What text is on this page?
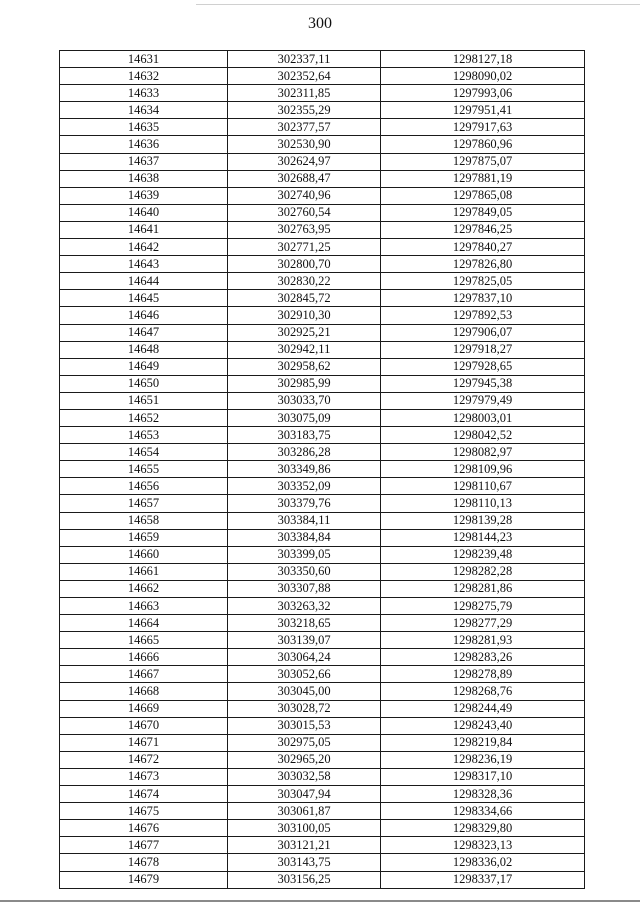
300
14631	302337,11	1298127,18
14632	302352,64	1298090,02
14633	302311,85	1297993,06
14634	302355,29	1297951,41
14635	302377,57	1297917,63
14636	302530,90	1297860,96
14637	302624,97	1297875,07
14638	302688,47	1297881,19
14639	302740,96	1297865,08
14640	302760,54	1297849,05
14641	302763,95	1297846,25
14642	302771,25	1297840,27
14643	302800,70	1297826,80
14644	302830,22	1297825,05
14645	302845,72	1297837,10
14646	302910,30	1297892,53
14647	302925,21	1297906,07
14648	302942,11	1297918,27
14649	302958,62	1297928,65
14650	302985,99	1297945,38
14651	303033,70	1297979,49
14652	303075,09	1298003,01
14653	303183,75	1298042,52
14654	303286,28	1298082,97
14655	303349,86	1298109,96
14656	303352,09	1298110,67
14657	303379,76	1298110,13
14658	303384,11	1298139,28
14659	303384,84	1298144,23
14660	303399,05	1298239,48
14661	303350,60	1298282,28
14662	303307,88	1298281,86
14663	303263,32	1298275,79
14664	303218,65	1298277,29
14665	303139,07	1298281,93
14666	303064,24	1298283,26
14667	303052,66	1298278,89
14668	303045,00	1298268,76
14669	303028,72	1298244,49
14670	303015,53	1298243,40
14671	302975,05	1298219,84
14672	302965,20	1298236,19
14673	303032,58	1298317,10
14674	303047,94	1298328,36
14675	303061,87	1298334,66
14676	303100,05	1298329,80
14677	303121,21	1298323,13
14678	303143,75	1298336,02
14679	303156,25	1298337,17
